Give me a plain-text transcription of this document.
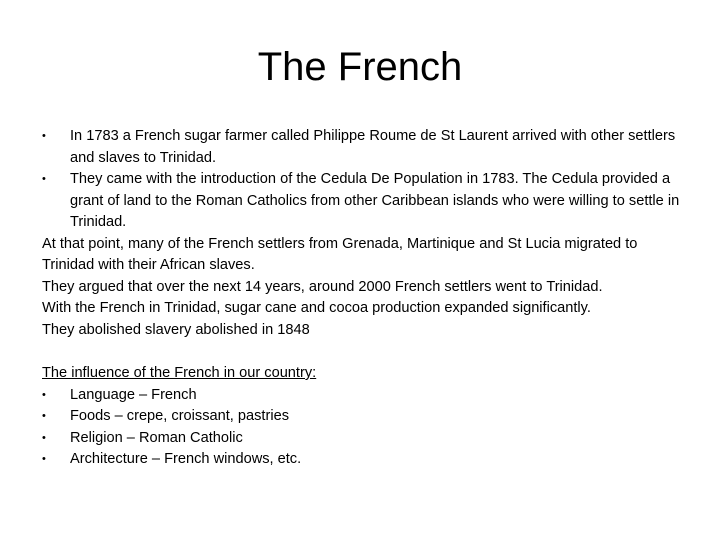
The French
•	In 1783 a French sugar farmer called Philippe Roume de St Laurent arrived with other settlers and slaves to Trinidad.
•	They came with the introduction of the Cedula De Population in 1783. The Cedula provided a grant of land to the Roman Catholics from other Caribbean islands who were willing to settle in Trinidad.
At that point, many of the French settlers from Grenada, Martinique and St Lucia migrated to Trinidad with their African slaves.
They argued that over the next 14 years, around 2000 French settlers went to Trinidad.
With the French in Trinidad, sugar cane and cocoa production expanded significantly.
They abolished slavery abolished in 1848
The influence of the French in our country:
•	Language – French
•	Foods – crepe, croissant, pastries
•	Religion – Roman Catholic
•	Architecture – French windows, etc.
